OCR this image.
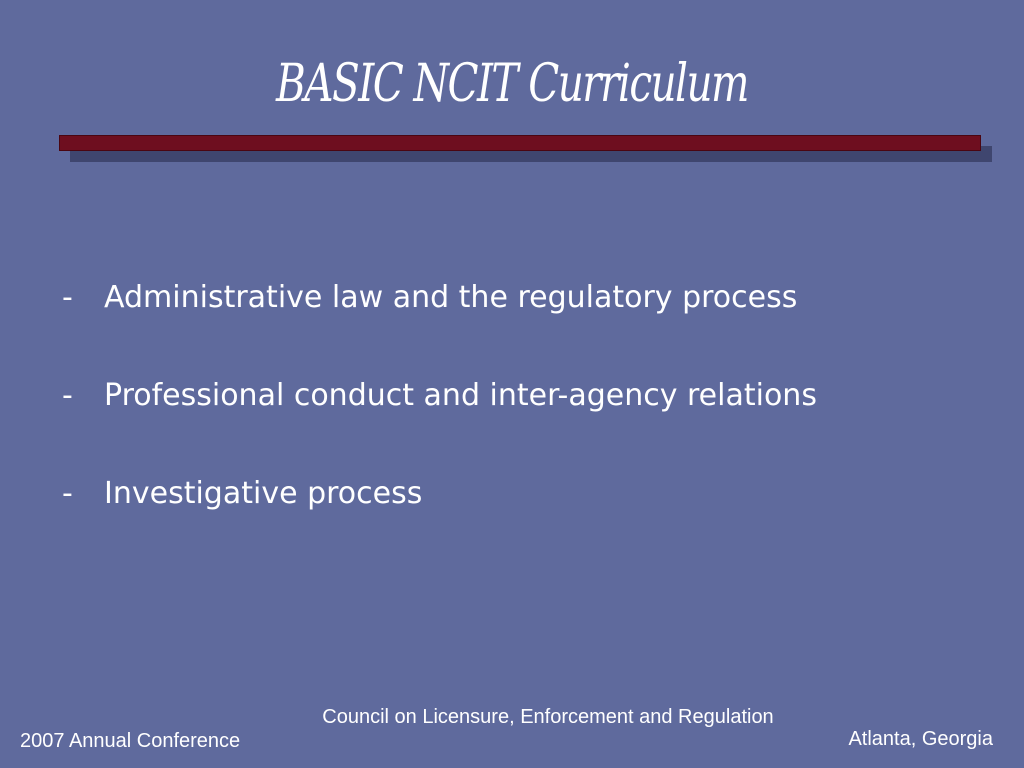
BASIC NCIT Curriculum
-	Administrative law and the regulatory process
-	Professional conduct and inter-agency relations
-	Investigative process
Council on Licensure, Enforcement and Regulation
2007 Annual Conference	Atlanta, Georgia
